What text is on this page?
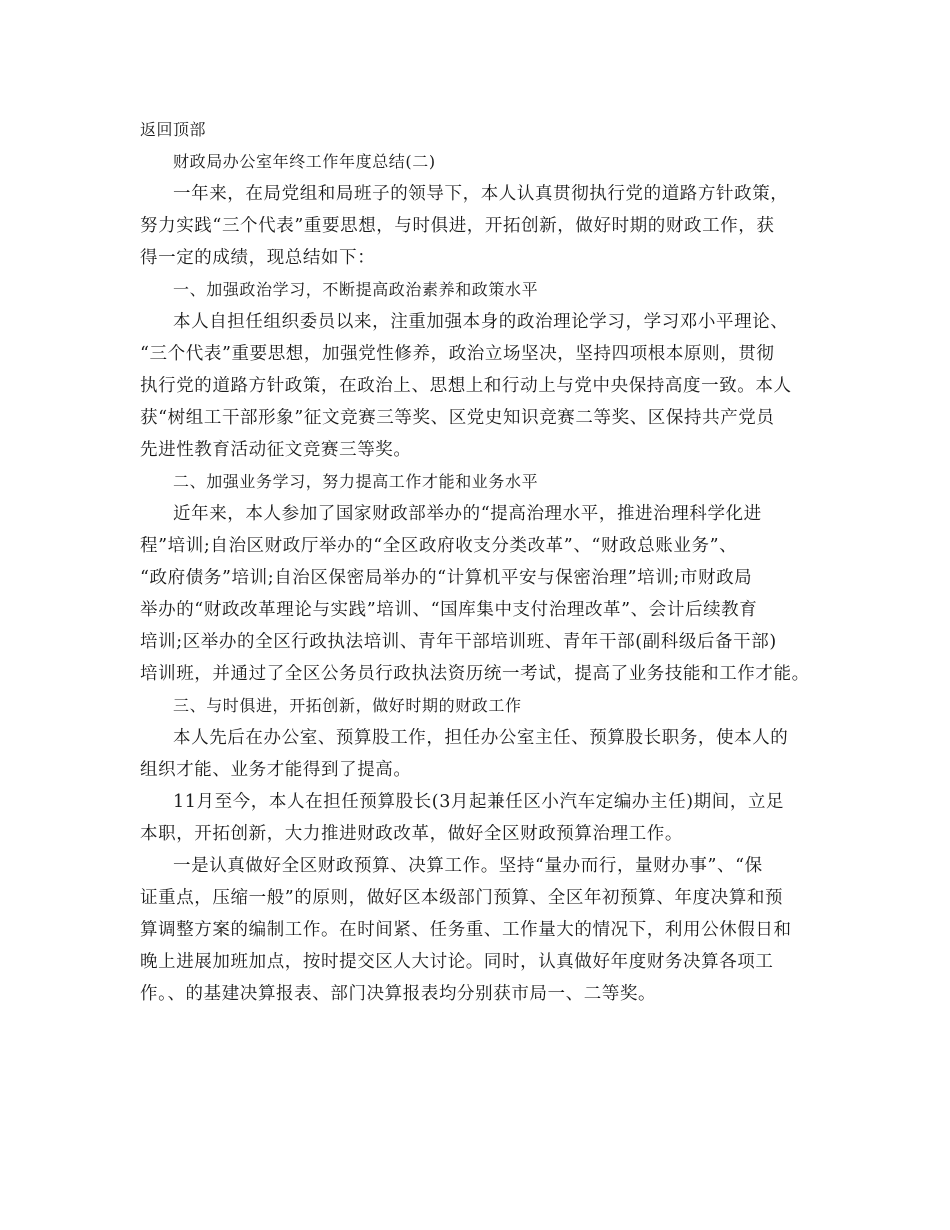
返回顶部
财政局办公室年终工作年度总结(二)
一年来，在局党组和局班子的领导下，本人认真贯彻执行党的道路方针政策，
努力实践“三个代表”重要思想，与时俱进，开拓创新，做好时期的财政工作，获
得一定的成绩，现总结如下：
一、加强政治学习，不断提高政治素养和政策水平
本人自担任组织委员以来，注重加强本身的政治理论学习，学习邓小平理论、
“三个代表”重要思想，加强党性修养，政治立场坚决，坚持四项根本原则，贯彻
执行党的道路方针政策，在政治上、思想上和行动上与党中央保持高度一致。本人
获“树组工干部形象”征文竞赛三等奖、区党史知识竞赛二等奖、区保持共产党员
先进性教育活动征文竞赛三等奖。
二、加强业务学习，努力提高工作才能和业务水平
近年来，本人参加了国家财政部举办的“提高治理水平，推进治理科学化进
程”培训;自治区财政厅举办的“全区政府收支分类改革”、“财政总账业务”、
“政府债务”培训;自治区保密局举办的“计算机平安与保密治理”培训;市财政局
举办的“财政改革理论与实践”培训、“国库集中支付治理改革”、会计后续教育
培训;区举办的全区行政执法培训、青年干部培训班、青年干部(副科级后备干部)
培训班，并通过了全区公务员行政执法资历统一考试，提高了业务技能和工作才能。
三、与时俱进，开拓创新，做好时期的财政工作
本人先后在办公室、预算股工作，担任办公室主任、预算股长职务，使本人的
组织才能、业务才能得到了提高。
11月至今，本人在担任预算股长(3月起兼任区小汽车定编办主任)期间，立足
本职，开拓创新，大力推进财政改革，做好全区财政预算治理工作。
一是认真做好全区财政预算、决算工作。坚持“量办而行，量财办事”、“保
证重点，压缩一般”的原则，做好区本级部门预算、全区年初预算、年度决算和预
算调整方案的编制工作。在时间紧、任务重、工作量大的情况下，利用公休假日和
晚上进展加班加点，按时提交区人大讨论。同时，认真做好年度财务决算各项工
作。、的基建决算报表、部门决算报表均分别获市局一、二等奖。
